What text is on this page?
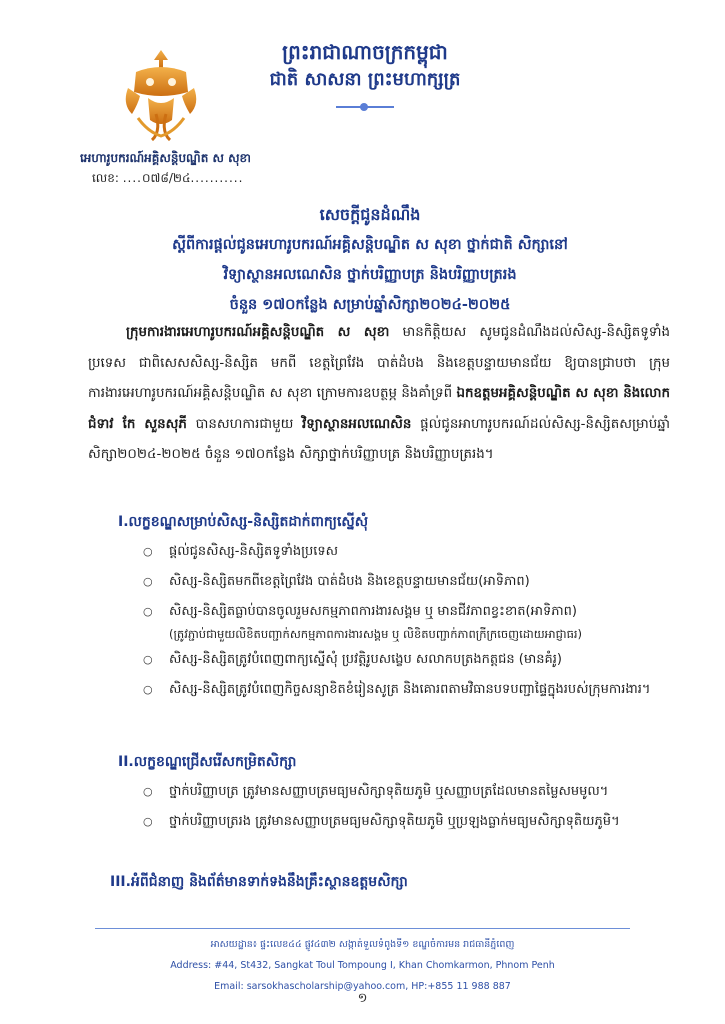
អេហារូបករណ៍អគ្គិសន្តិបណ្ឌិត ស សុខា
លេខ: ....០៧៨/២៤...........
ព្រះរាជាណាចក្រកម្ពុជា
ជាតិ សាសនា ព្រះមហាក្សត្រ
សេចក្ដីជូនដំណឹង
ស្ដីពីការផ្ដល់ជូនអេហារូបករណ៍អគ្គិសន្តិបណ្ឌិត ស សុខា ថ្នាក់ជាតិ សិក្សានៅ
វិទ្យាស្ថានអលណេសិន ថ្នាក់បរិញ្ញាបត្រ និងបរិញ្ញាបត្ររង
ចំនួន ១៧០កន្លែង សម្រាប់ឆ្នាំសិក្សា២០២៤-២០២៥

ក្រុមការងារអេហារូបករណ៍អគ្គិសន្តិបណ្ឌិត ស សុខា មានកិត្តិយស សូមជូនដំណឹងដល់សិស្ស-និស្សិតទូទាំងប្រទេស ជាពិសេសសិស្ស-និស្សិត មកពី ខេត្តព្រៃវែង បាត់ដំបង និងខេត្តបន្ទាយមានជ័យ ឱ្យបានជ្រាបថា ក្រុមការងារអេហារូបករណ៍អគ្គិសន្តិបណ្ឌិត ស សុខា ក្រោមការឧបត្ថម្ភ និងគាំទ្រពី ឯកឧត្តមអគ្គិសន្តិបណ្ឌិត ស សុខា និងលោកជំទាវ កែ សួនសុភី បានសហការជាមួយ វិទ្យាស្ថានអលណេសិន ផ្ដល់ជូនអាហារូបករណ៍ដល់សិស្ស-និស្សិតសម្រាប់ឆ្នាំសិក្សា២០២៤-២០២៥ ចំនួន ១៧០កន្លែង សិក្សាថ្នាក់បរិញ្ញាបត្រ និងបរិញ្ញាបត្ររង។

I.លក្ខខណ្ឌសម្រាប់សិស្ស-និស្សិតដាក់ពាក្យស្នើសុំ
○ ផ្ដល់ជូនសិស្ស-និស្សិតទូទាំងប្រទេស
○ សិស្ស-និស្សិតមកពីខេត្តព្រៃវែង បាត់ដំបង និងខេត្តបន្ទាយមានជ័យ(អាទិភាព)
○ សិស្ស-និស្សិតធ្លាប់បានចូលរួមសកម្មភាពការងារសង្គម ឬ មានជីវភាពខ្វះខាត(អាទិភាព)
(ត្រូវភ្ជាប់ជាមួយលិខិតបញ្ជាក់សកម្មភាពការងារសង្គម ឬ លិខិតបញ្ជាក់ភាពក្រីក្រចេញដោយអាជ្ញាធរ)
○ សិស្ស-និស្សិតត្រូវបំពេញពាក្យស្នើសុំ ប្រវត្តិរូបសង្ខេប សលាកបត្រងកត្តជន (មានគំរូ)
○ សិស្ស-និស្សិតត្រូវបំពេញកិច្ចសន្យាខិតខំរៀនសូត្រ និងគោរពតាមវិធានបទបញ្ជាផ្ទៃក្នុងរបស់ក្រុមការងារ។
II.លក្ខខណ្ឌជ្រើសរើសកម្រិតសិក្សា
○ ថ្នាក់បរិញ្ញាបត្រ ត្រូវមានសញ្ញាបត្រមធ្យមសិក្សាទុតិយភូមិ ឬសញ្ញាបត្រដែលមានតម្លៃសមមូល។
○ ថ្នាក់បរិញ្ញាបត្ររង ត្រូវមានសញ្ញាបត្រមធ្យមសិក្សាទុតិយភូមិ ឬប្រឡងធ្លាក់មធ្យមសិក្សាទុតិយភូមិ។
III.អំពីជំនាញ និងព័ត៌មានទាក់ទងនឹងគ្រឹះស្ថានឧត្តមសិក្សា
អាសយដ្ឋាន៖ ផ្ទះលេខ៤៤ ផ្លូវ៤៣២ សង្កាត់ទួលទំពូងទី១ ខណ្ឌចំការមន រាជធានីភ្នំពេញ
Address: #44, St432, Sangkat Toul Tompoung I, Khan Chomkarmon, Phnom Penh
Email: sarsokhascholarship@yahoo.com, HP:+855 11 988 887
១
